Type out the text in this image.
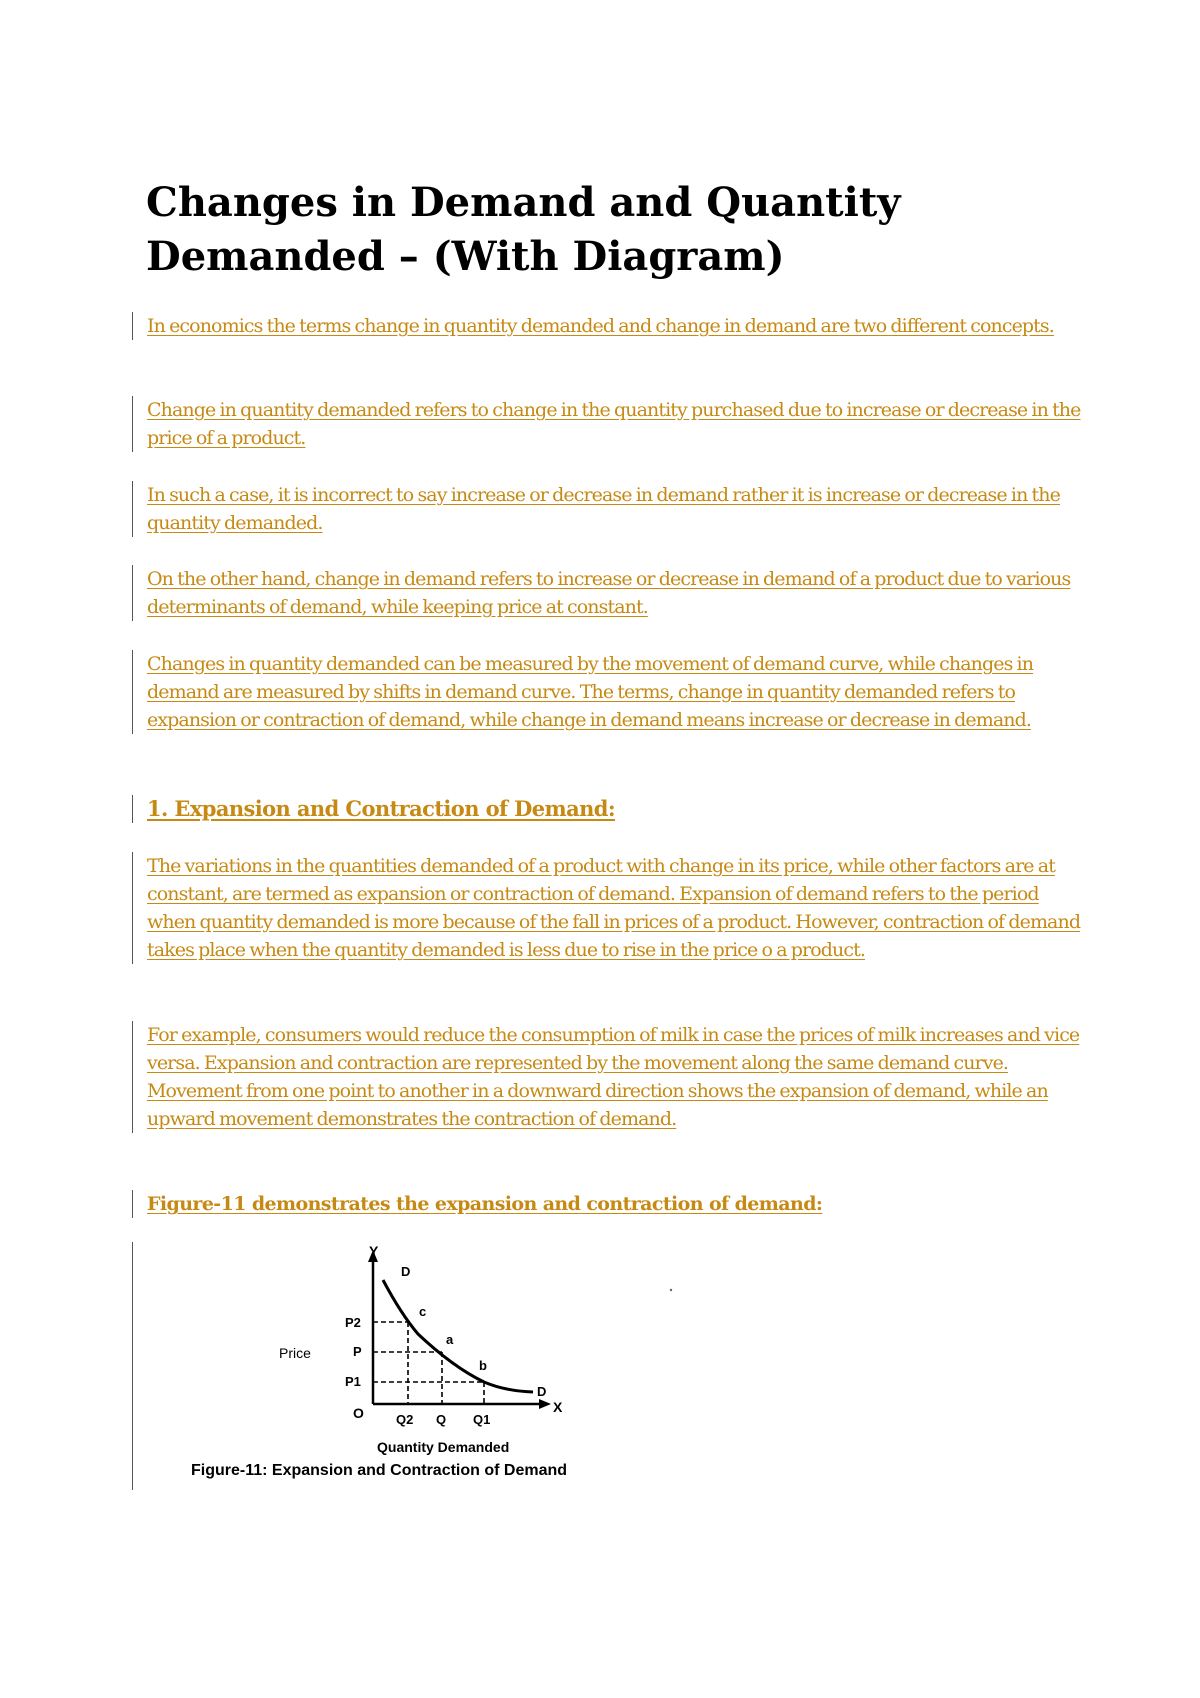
Changes in Demand and Quantity Demanded – (With Diagram)

In economics the terms change in quantity demanded and change in demand are two different concepts.

Change in quantity demanded refers to change in the quantity purchased due to increase or decrease in the price of a product.

In such a case, it is incorrect to say increase or decrease in demand rather it is increase or decrease in the quantity demanded.

On the other hand, change in demand refers to increase or decrease in demand of a product due to various determinants of demand, while keeping price at constant.

Changes in quantity demanded can be measured by the movement of demand curve, while changes in demand are measured by shifts in demand curve. The terms, change in quantity demanded refers to expansion or contraction of demand, while change in demand means increase or decrease in demand.

1. Expansion and Contraction of Demand:

The variations in the quantities demanded of a product with change in its price, while other factors are at constant, are termed as expansion or contraction of demand. Expansion of demand refers to the period when quantity demanded is more because of the fall in prices of a product. However, contraction of demand takes place when the quantity demanded is less due to rise in the price o a product.

For example, consumers would reduce the consumption of milk in case the prices of milk increases and vice versa. Expansion and contraction are represented by the movement along the same demand curve. Movement from one point to another in a downward direction shows the expansion of demand, while an upward movement demonstrates the contraction of demand.

Figure-11 demonstrates the expansion and contraction of demand:

Y
X
O
Price
P2
P
P1
Q2 Q Q1
D
D
c
a
b
Quantity Demanded
Figure-11: Expansion and Contraction of Demand
